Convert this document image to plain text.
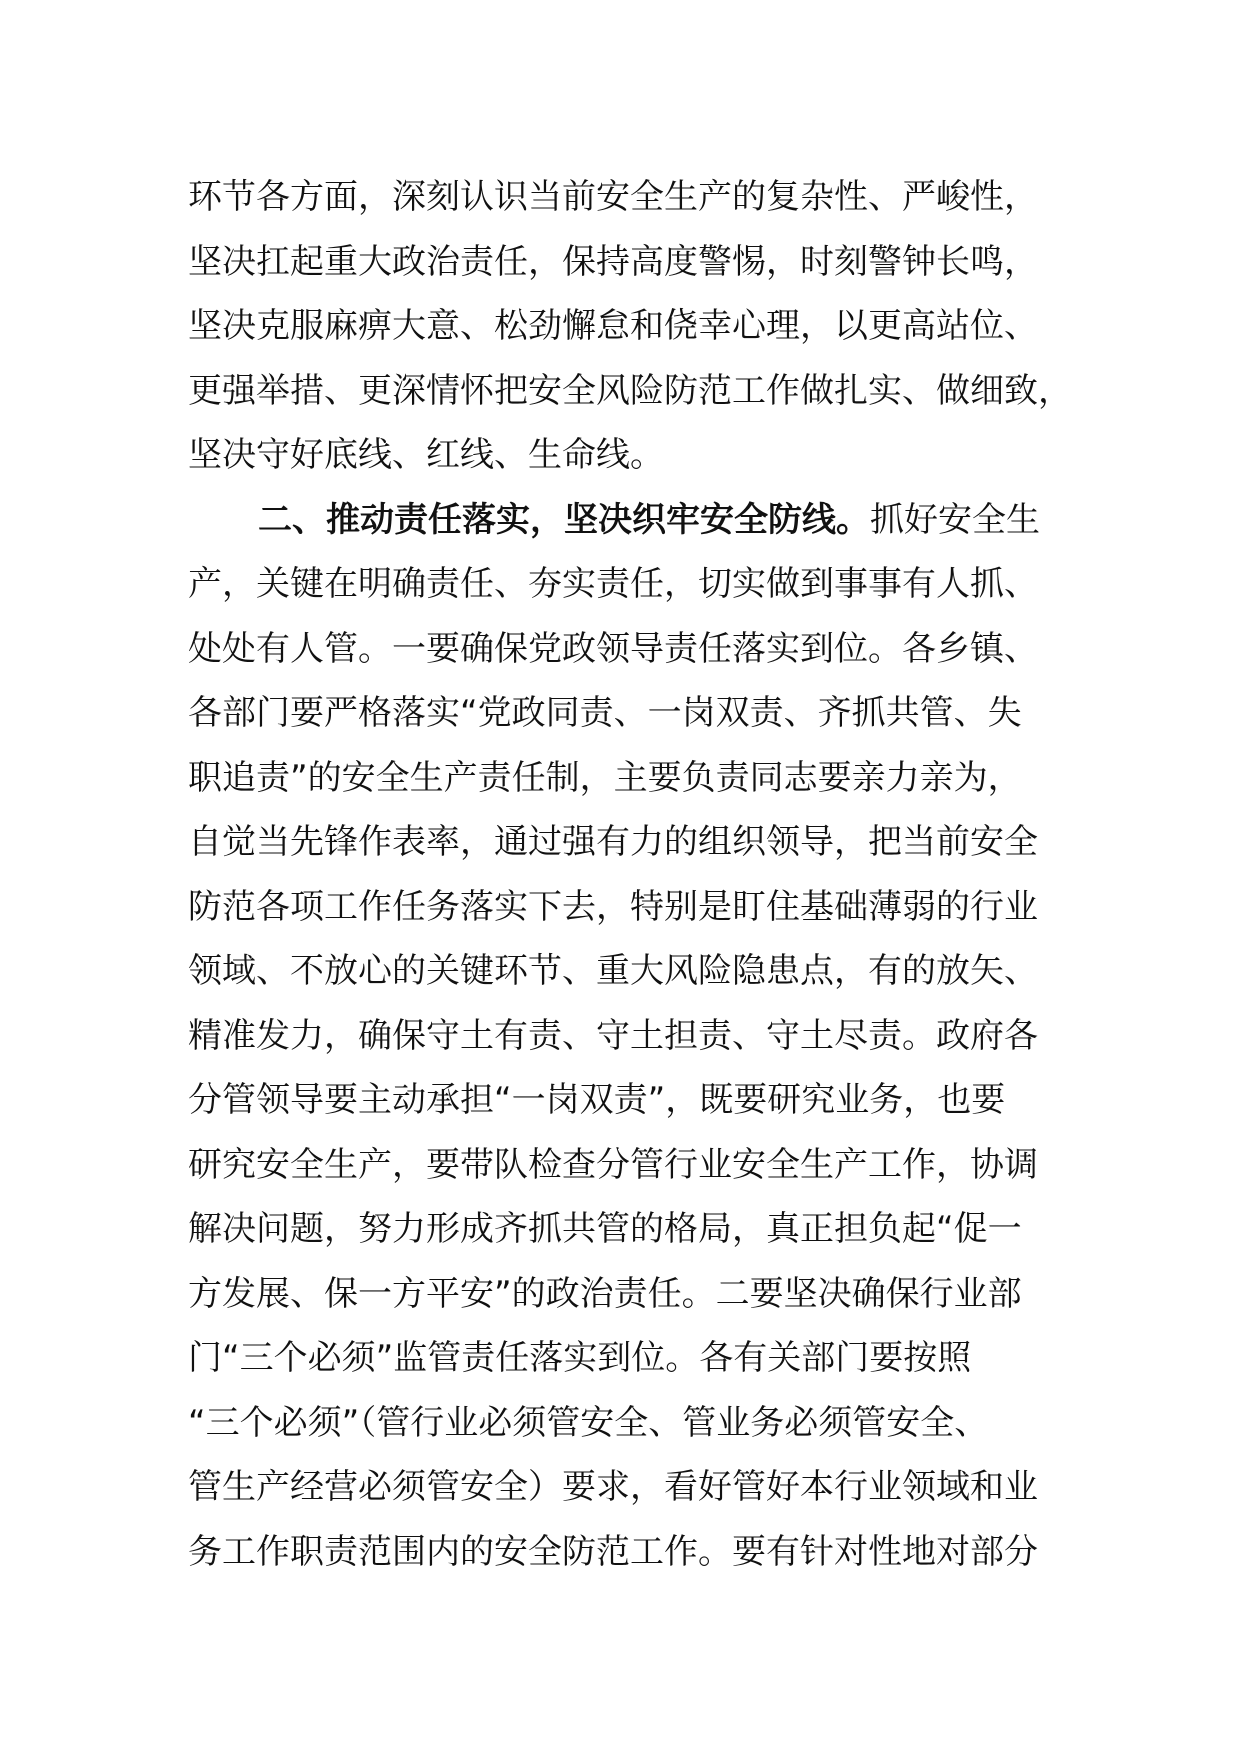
环节各方面，深刻认识当前安全生产的复杂性、严峻性，
坚决扛起重大政治责任，保持高度警惕，时刻警钟长鸣，
坚决克服麻痹大意、松劲懈怠和侥幸心理，以更高站位、
更强举措、更深情怀把安全风险防范工作做扎实、做细致，
坚决守好底线、红线、生命线。
二、推动责任落实，坚决织牢安全防线。抓好安全生
产，关键在明确责任、夯实责任，切实做到事事有人抓、
处处有人管。一要确保党政领导责任落实到位。各乡镇、
各部门要严格落实“党政同责、一岗双责、齐抓共管、失
职追责”的安全生产责任制，主要负责同志要亲力亲为，
自觉当先锋作表率，通过强有力的组织领导，把当前安全
防范各项工作任务落实下去，特别是盯住基础薄弱的行业
领域、不放心的关键环节、重大风险隐患点，有的放矢、
精准发力，确保守土有责、守土担责、守土尽责。政府各
分管领导要主动承担“一岗双责”，既要研究业务，也要
研究安全生产，要带队检查分管行业安全生产工作，协调
解决问题，努力形成齐抓共管的格局，真正担负起“促一
方发展、保一方平安”的政治责任。二要坚决确保行业部
门“三个必须”监管责任落实到位。各有关部门要按照
“三个必须”（管行业必须管安全、管业务必须管安全、
管生产经营必须管安全）要求，看好管好本行业领域和业
务工作职责范围内的安全防范工作。要有针对性地对部分
